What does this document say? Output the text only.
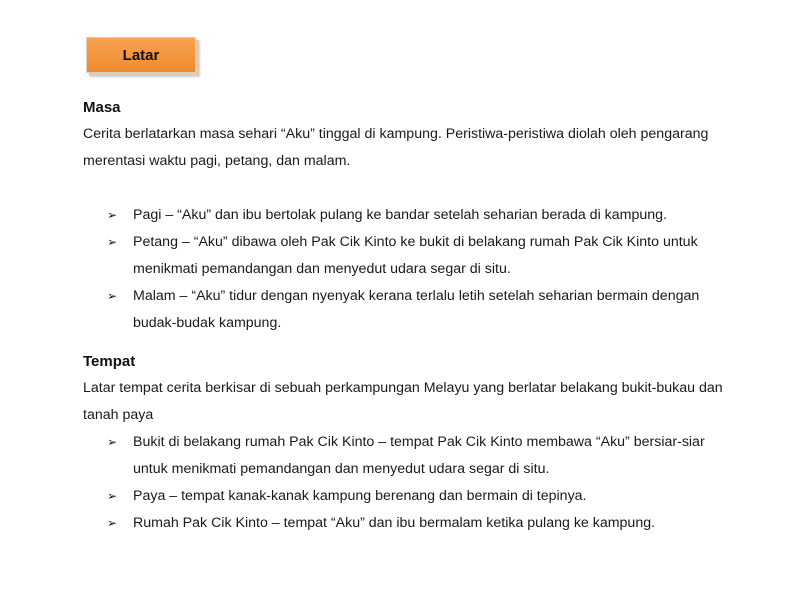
Latar
Masa

Cerita berlatarkan masa sehari “Aku” tinggal di kampung. Peristiwa-peristiwa diolah oleh pengarang merentasi waktu pagi, petang, dan malam.

➢ Pagi – “Aku” dan ibu bertolak pulang ke bandar setelah seharian berada di kampung.
➢ Petang – “Aku” dibawa oleh Pak Cik Kinto ke bukit di belakang rumah Pak Cik Kinto untuk menikmati pemandangan dan menyedut udara segar di situ.
➢ Malam – “Aku” tidur dengan nyenyak kerana terlalu letih setelah seharian bermain dengan budak-budak kampung.
Tempat

Latar tempat cerita berkisar di sebuah perkampungan Melayu yang berlatar belakang bukit-bukau dan tanah paya

➢ Bukit di belakang rumah Pak Cik Kinto – tempat Pak Cik Kinto membawa “Aku” bersiar-siar untuk menikmati pemandangan dan menyedut udara segar di situ.
➢ Paya – tempat kanak-kanak kampung berenang dan bermain di tepinya.
➢ Rumah Pak Cik Kinto – tempat “Aku” dan ibu bermalam ketika pulang ke kampung.
